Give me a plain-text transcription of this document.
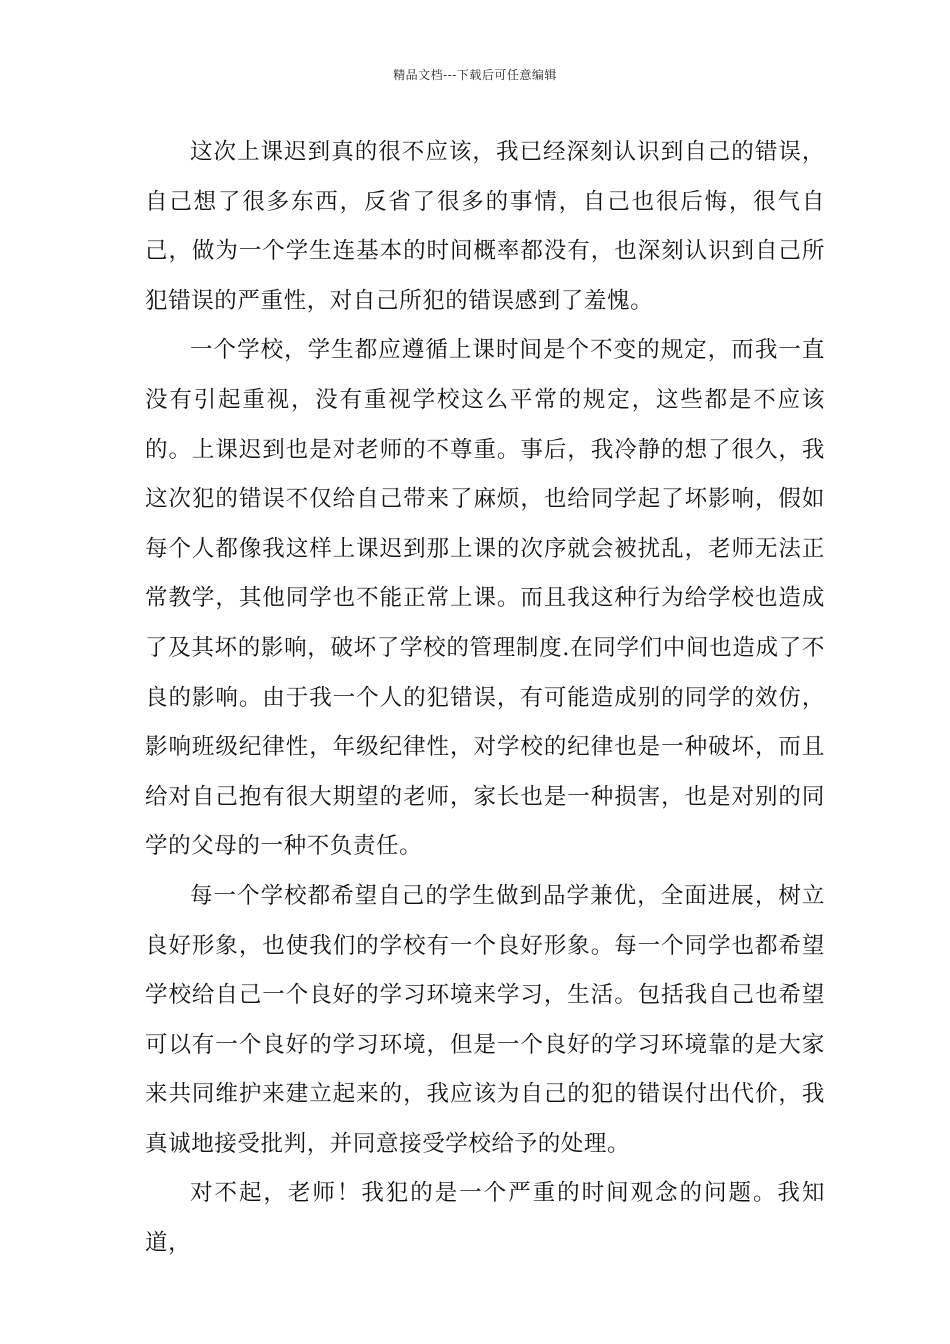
精品文档---下载后可任意编辑

这次上课迟到真的很不应该，我已经深刻认识到自己的错误，自己想了很多东西，反省了很多的事情，自己也很后悔，很气自己，做为一个学生连基本的时间概率都没有，也深刻认识到自己所犯错误的严重性，对自己所犯的错误感到了羞愧。

一个学校，学生都应遵循上课时间是个不变的规定，而我一直没有引起重视，没有重视学校这么平常的规定，这些都是不应该的。上课迟到也是对老师的不尊重。事后，我冷静的想了很久，我这次犯的错误不仅给自己带来了麻烦，也给同学起了坏影响，假如每个人都像我这样上课迟到那上课的次序就会被扰乱，老师无法正常教学，其他同学也不能正常上课。而且我这种行为给学校也造成了及其坏的影响，破坏了学校的管理制度.在同学们中间也造成了不良的影响。由于我一个人的犯错误，有可能造成别的同学的效仿，影响班级纪律性，年级纪律性，对学校的纪律也是一种破坏，而且给对自己抱有很大期望的老师，家长也是一种损害，也是对别的同学的父母的一种不负责任。

每一个学校都希望自己的学生做到品学兼优，全面进展，树立良好形象，也使我们的学校有一个良好形象。每一个同学也都希望学校给自己一个良好的学习环境来学习，生活。包括我自己也希望可以有一个良好的学习环境，但是一个良好的学习环境靠的是大家来共同维护来建立起来的，我应该为自己的犯的错误付出代价，我真诚地接受批判，并同意接受学校给予的处理。

对不起，老师！我犯的是一个严重的时间观念的问题。我知道，
